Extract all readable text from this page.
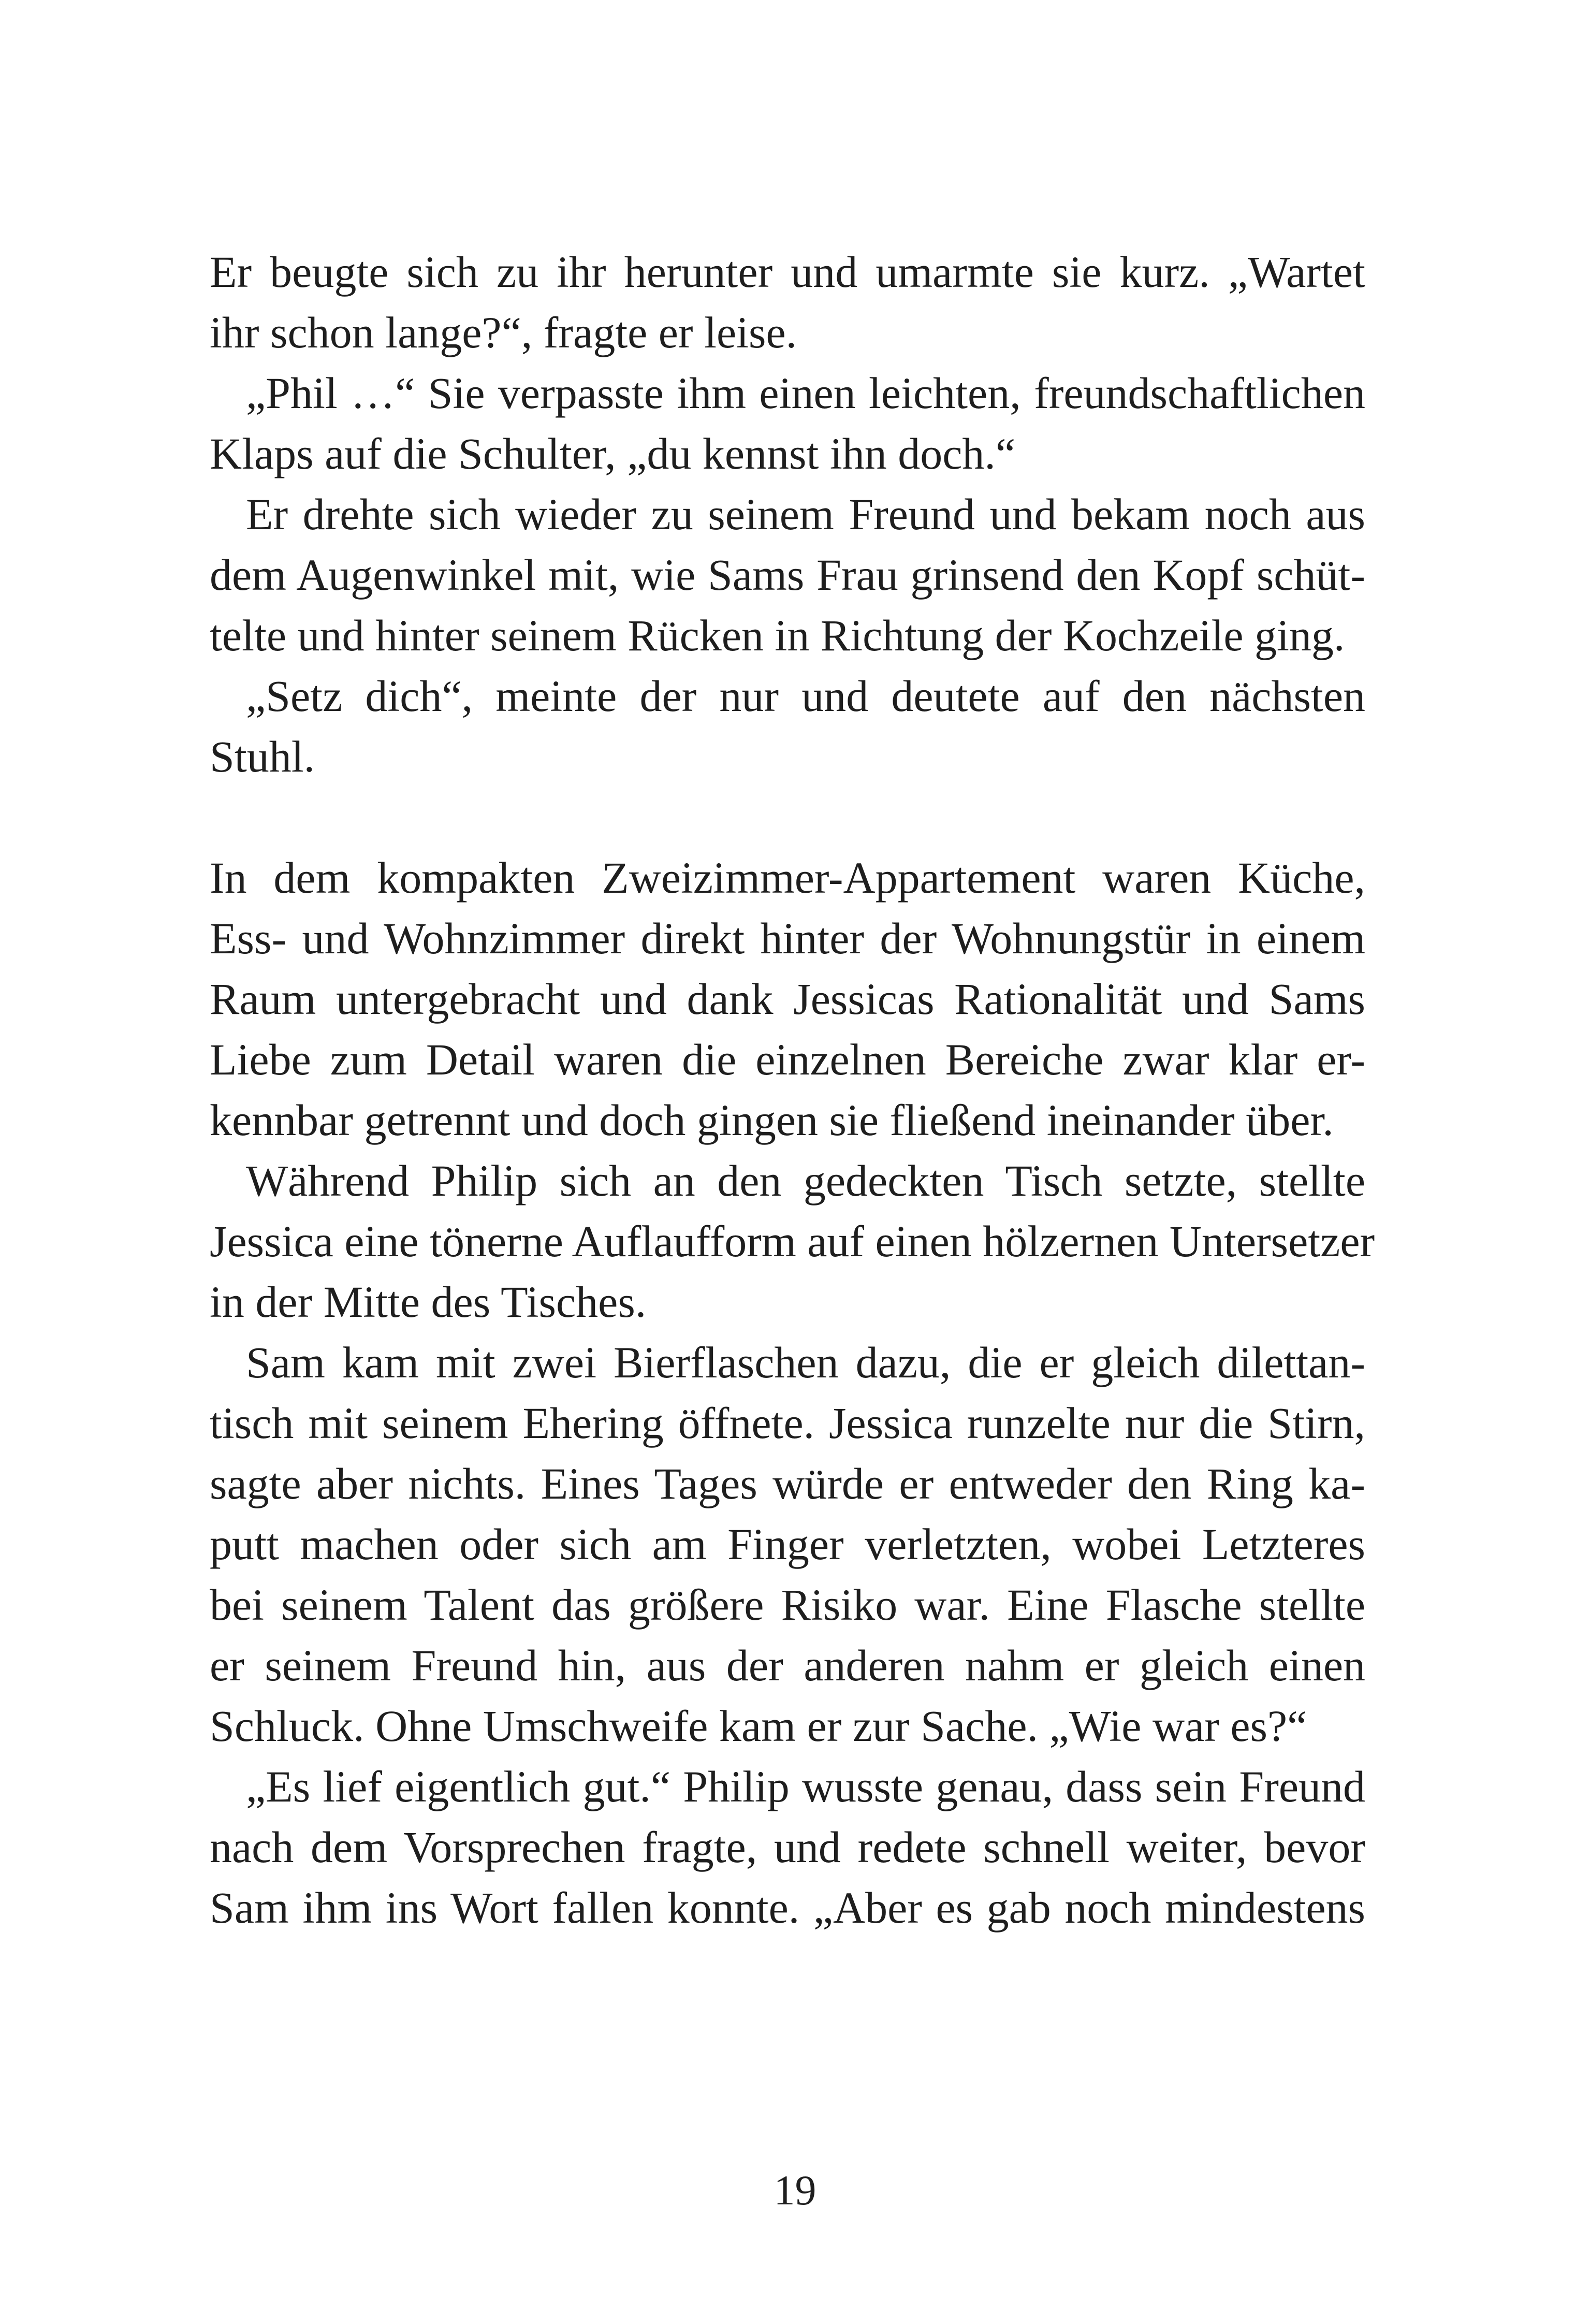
Er beugte sich zu ihr herunter und umarmte sie kurz. „Wartet
ihr schon lange?“, fragte er leise.
„Phil …“ Sie verpasste ihm einen leichten, freundschaftlichen
Klaps auf die Schulter, „du kennst ihn doch.“
Er drehte sich wieder zu seinem Freund und bekam noch aus
dem Augenwinkel mit, wie Sams Frau grinsend den Kopf schüt-
telte und hinter seinem Rücken in Richtung der Kochzeile ging.
„Setz dich“, meinte der nur und deutete auf den nächsten
Stuhl.
In dem kompakten Zweizimmer-Appartement waren Küche,
Ess- und Wohnzimmer direkt hinter der Wohnungstür in einem
Raum untergebracht und dank Jessicas Rationalität und Sams
Liebe zum Detail waren die einzelnen Bereiche zwar klar er-
kennbar getrennt und doch gingen sie fließend ineinander über.
Während Philip sich an den gedeckten Tisch setzte, stellte
Jessica eine tönerne Auflaufform auf einen hölzernen Untersetzer
in der Mitte des Tisches.
Sam kam mit zwei Bierflaschen dazu, die er gleich dilettan-
tisch mit seinem Ehering öffnete. Jessica runzelte nur die Stirn,
sagte aber nichts. Eines Tages würde er entweder den Ring ka-
putt machen oder sich am Finger verletzten, wobei Letzteres
bei seinem Talent das größere Risiko war. Eine Flasche stellte
er seinem Freund hin, aus der anderen nahm er gleich einen
Schluck. Ohne Umschweife kam er zur Sache. „Wie war es?“
„Es lief eigentlich gut.“ Philip wusste genau, dass sein Freund
nach dem Vorsprechen fragte, und redete schnell weiter, bevor
Sam ihm ins Wort fallen konnte. „Aber es gab noch mindestens
19
